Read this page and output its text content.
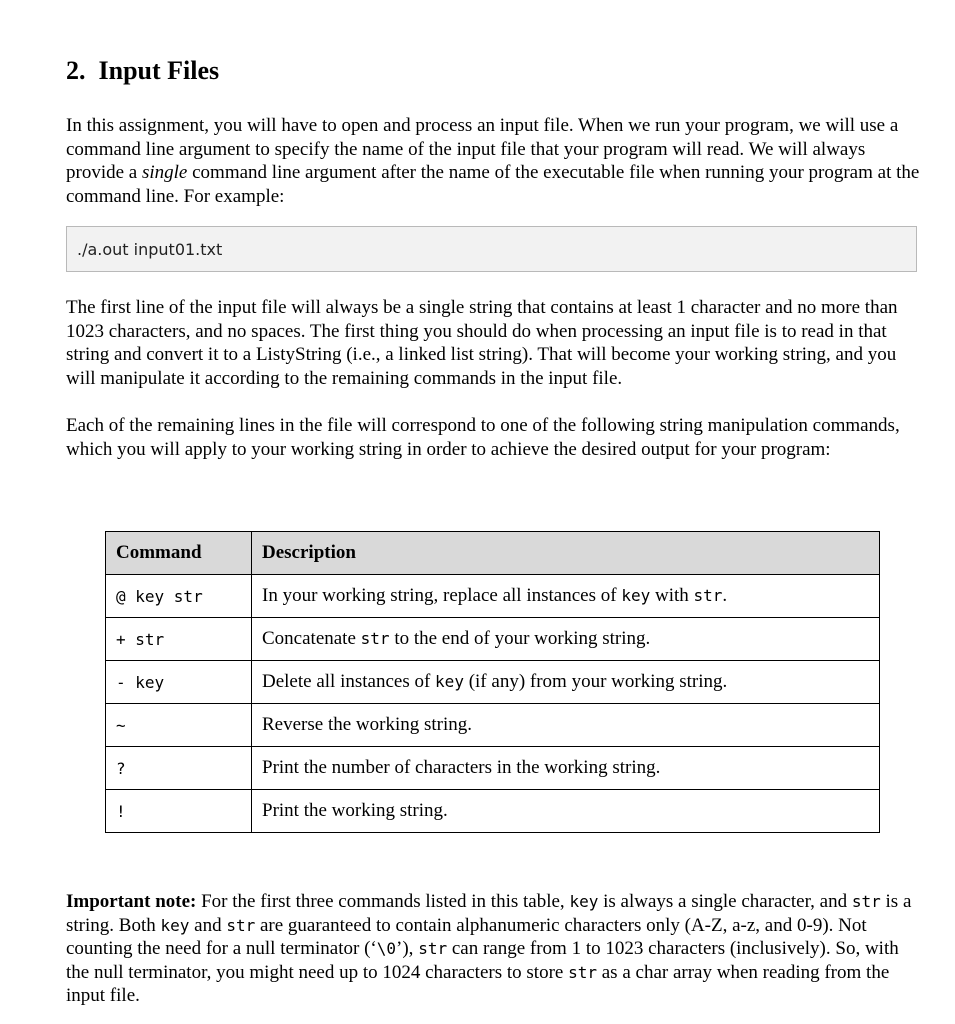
2. Input Files

In this assignment, you will have to open and process an input file. When we run your program, we will use a command line argument to specify the name of the input file that your program will read. We will always provide a single command line argument after the name of the executable file when running your program at the command line. For example:

./a.out input01.txt

The first line of the input file will always be a single string that contains at least 1 character and no more than 1023 characters, and no spaces. The first thing you should do when processing an input file is to read in that string and convert it to a ListyString (i.e., a linked list string). That will become your working string, and you will manipulate it according to the remaining commands in the input file.

Each of the remaining lines in the file will correspond to one of the following string manipulation commands, which you will apply to your working string in order to achieve the desired output for your program:

Command	Description
@ key str	In your working string, replace all instances of key with str.
+ str	Concatenate str to the end of your working string.
- key	Delete all instances of key (if any) from your working string.
~	Reverse the working string.
?	Print the number of characters in the working string.
!	Print the working string.

Important note: For the first three commands listed in this table, key is always a single character, and str is a string. Both key and str are guaranteed to contain alphanumeric characters only (A-Z, a-z, and 0-9). Not counting the need for a null terminator (‘\0’), str can range from 1 to 1023 characters (inclusively). So, with the null terminator, you might need up to 1024 characters to store str as a char array when reading from the input file.
